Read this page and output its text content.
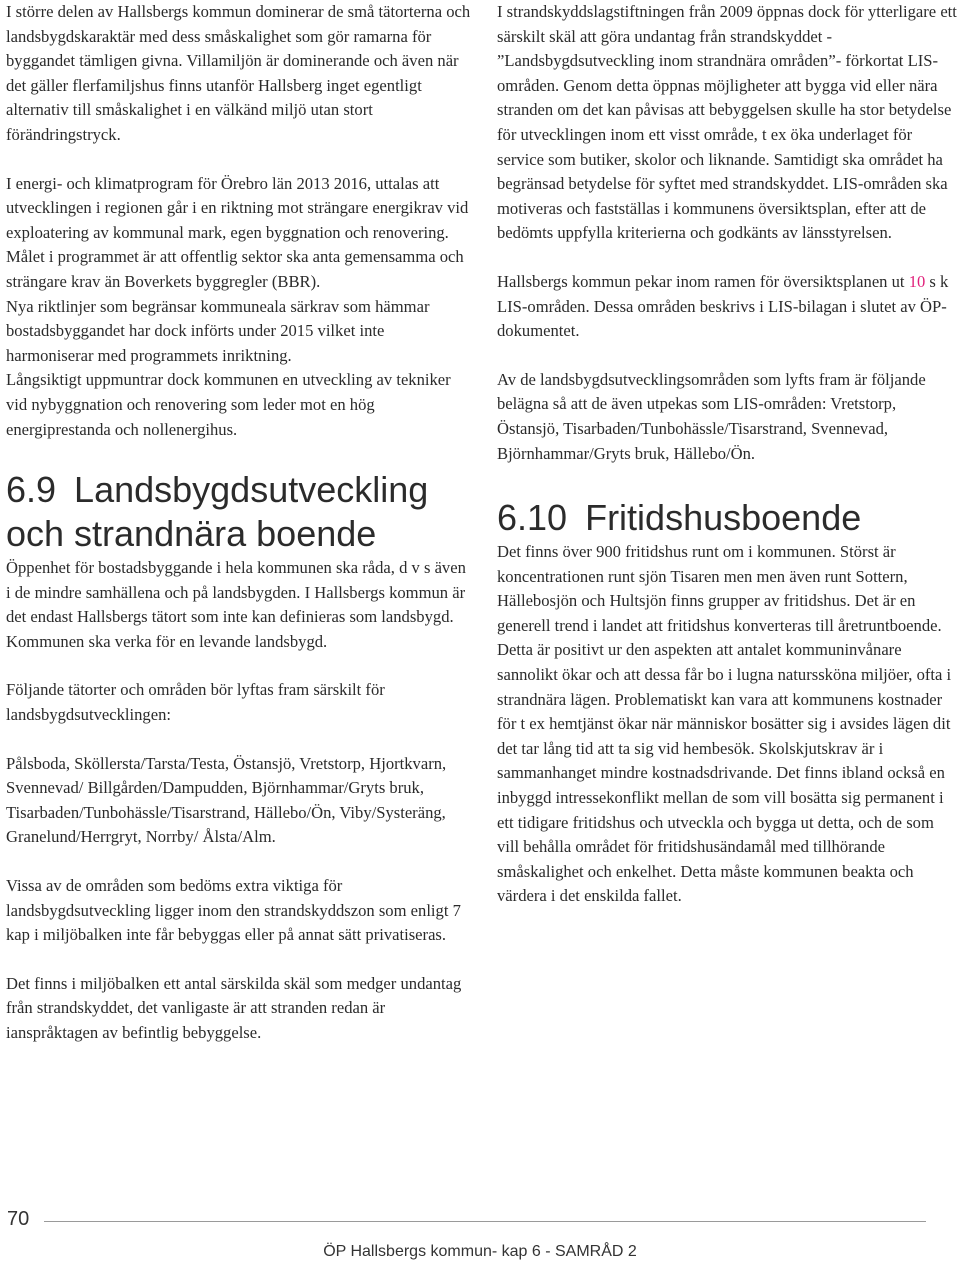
I större delen av Hallsbergs kommun dominerar de små tätorterna och landsbygdskaraktär med dess småskalighet som gör ramarna för byggandet tämligen givna. Villamiljön är dominerande och även när det gäller flerfamiljshus finns utanför Hallsberg inget egentligt alternativ till småskalighet i en välkänd miljö utan stort förändringstryck.

I energi- och klimatprogram för Örebro län 2013 2016, uttalas att utvecklingen i regionen går i en riktning mot strängare energikrav vid exploatering av kommunal mark, egen byggnation och renovering. Målet i programmet är att offentlig sektor ska anta gemensamma och strängare krav än Boverkets byggregler (BBR).

Nya riktlinjer som begränsar kommuneala särkrav som hämmar bostadsbyggandet har dock införts under 2015 vilket inte harmoniserar med programmets inriktning.

Långsiktigt uppmuntrar dock kommunen en utveckling av tekniker vid nybyggnation och renovering som leder mot en hög energiprestanda och nollenergihus.

6.9 Landsbygdsutveckling och strandnära boende

Öppenhet för bostadsbyggande i hela kommunen ska råda, d v s även i de mindre samhällena och på landsbygden. I Hallsbergs kommun är det endast Hallsbergs tätort som inte kan definieras som landsbygd. Kommunen ska verka för en levande landsbygd.

Följande tätorter och områden bör lyftas fram särskilt för landsbygdsutvecklingen:

Pålsboda, Sköllersta/Tarsta/Testa, Östansjö, Vretstorp, Hjortkvarn, Svennevad/ Billgården/Dampudden, Björnhammar/Gryts bruk, Tisarbaden/Tunbohässle/Tisarstrand, Hällebo/Ön, Viby/Systeräng, Granelund/Herrgryt, Norrby/ Ålsta/Alm.

Vissa av de områden som bedöms extra viktiga för landsbygdsutveckling ligger inom den strandskyddszon som enligt 7 kap i miljöbalken inte får bebyggas eller på annat sätt privatiseras.

Det finns i miljöbalken ett antal särskilda skäl som medger undantag från strandskyddet, det vanligaste är att stranden redan är ianspråktagen av befintlig bebyggelse.

I strandskyddslagstiftningen från 2009 öppnas dock för ytterligare ett särskilt skäl att göra undantag från strandskyddet - ”Landsbygdsutveckling inom strandnära områden”- förkortat LIS-områden. Genom detta öppnas möjligheter att bygga vid eller nära stranden om det kan påvisas att bebyggelsen skulle ha stor betydelse för utvecklingen inom ett visst område, t ex öka underlaget för service som butiker, skolor och liknande. Samtidigt ska området ha begränsad betydelse för syftet med strandskyddet. LIS-områden ska motiveras och fastställas i kommunens översiktsplan, efter att de bedömts uppfylla kriterierna och godkänts av länsstyrelsen.

Hallsbergs kommun pekar inom ramen för översiktsplanen ut 10 s k LIS-områden. Dessa områden beskrivs i LIS-bilagan i slutet av ÖP-dokumentet.

Av de landsbygdsutvecklingsområden som lyfts fram är följande belägna så att de även utpekas som LIS-områden: Vretstorp, Östansjö, Tisarbaden/Tunbohässle/Tisarstrand, Svennevad, Björnhammar/Gryts bruk, Hällebo/Ön.

6.10 Fritidshusboende

Det finns över 900 fritidshus runt om i kommunen. Störst är koncentrationen runt sjön Tisaren men men även runt Sottern, Hällebosjön och Hultsjön finns grupper av fritidshus. Det är en generell trend i landet att fritidshus konverteras till åretruntboende. Detta är positivt ur den aspekten att antalet kommuninvånare sannolikt ökar och att dessa får bo i lugna naturssköna miljöer, ofta i strandnära lägen. Problematiskt kan vara att kommunens kostnader för t ex hemtjänst ökar när människor bosätter sig i avsides lägen dit det tar lång tid att ta sig vid hembesök. Skolskjutskrav är i sammanhanget mindre kostnadsdrivande. Det finns ibland också en inbyggd intressekonflikt mellan de som vill bosätta sig permanent i ett tidigare fritidshus och utveckla och bygga ut detta, och de som vill behålla området för fritidshusändamål med tillhörande småskalighet och enkelhet. Detta måste kommunen beakta och värdera i det enskilda fallet.

70
ÖP Hallsbergs kommun- kap 6 - SAMRÅD 2
